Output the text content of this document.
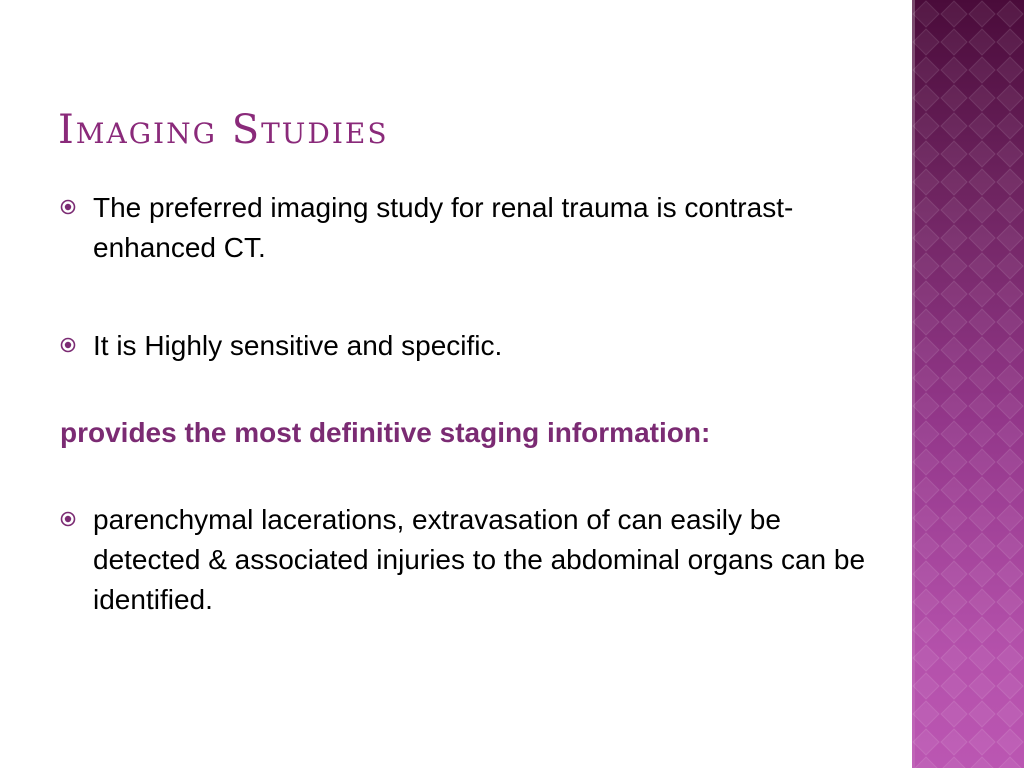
Imaging Studies

The preferred imaging study for renal trauma is contrast-enhanced CT.

It is Highly sensitive and specific.

provides the most definitive staging information:

parenchymal lacerations, extravasation of can easily be detected & associated injuries to the abdominal organs can be identified.
